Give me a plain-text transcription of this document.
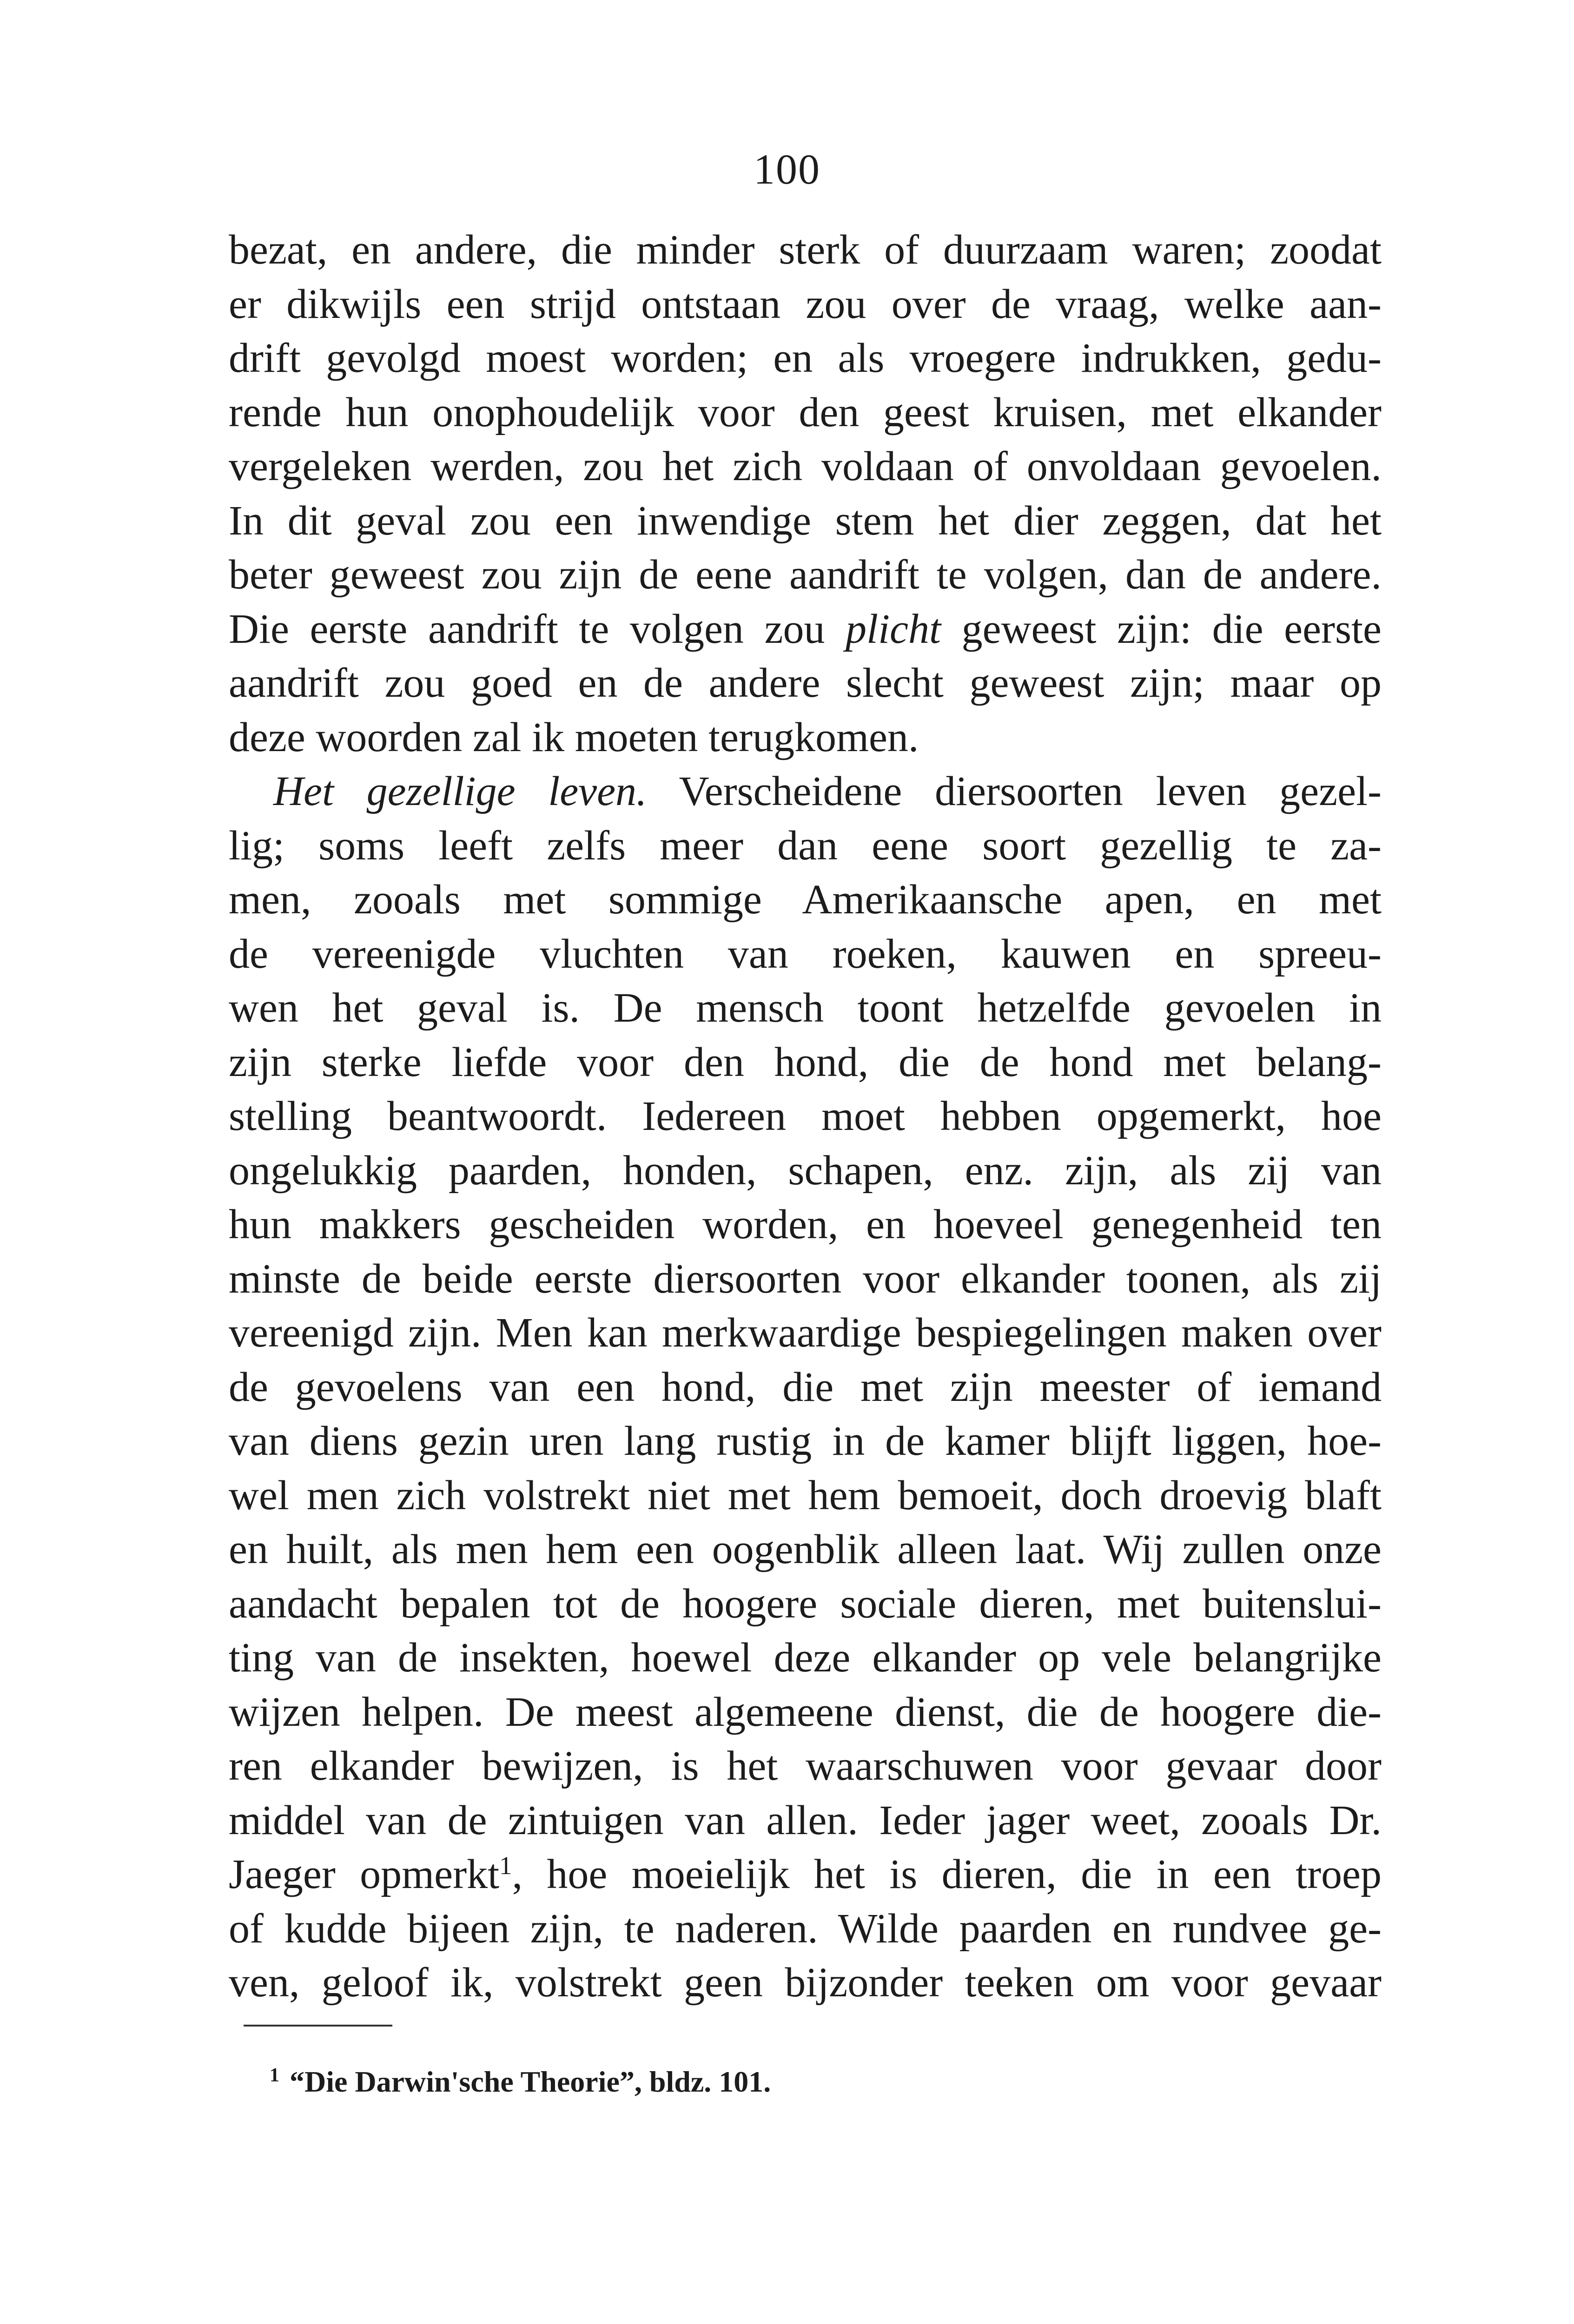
100
bezat, en andere, die minder sterk of duurzaam waren; zoodat
er dikwijls een strijd ontstaan zou over de vraag, welke aan-
drift gevolgd moest worden; en als vroegere indrukken, gedu-
rende hun onophoudelijk voor den geest kruisen, met elkander
vergeleken werden, zou het zich voldaan of onvoldaan gevoelen.
In dit geval zou een inwendige stem het dier zeggen, dat het
beter geweest zou zijn de eene aandrift te volgen, dan de andere.
Die eerste aandrift te volgen zou plicht geweest zijn: die eerste
aandrift zou goed en de andere slecht geweest zijn; maar op
deze woorden zal ik moeten terugkomen.
Het gezellige leven. Verscheidene diersoorten leven gezel-
lig; soms leeft zelfs meer dan eene soort gezellig te za-
men, zooals met sommige Amerikaansche apen, en met
de vereenigde vluchten van roeken, kauwen en spreeu-
wen het geval is. De mensch toont hetzelfde gevoelen in
zijn sterke liefde voor den hond, die de hond met belang-
stelling beantwoordt. Iedereen moet hebben opgemerkt, hoe
ongelukkig paarden, honden, schapen, enz. zijn, als zij van
hun makkers gescheiden worden, en hoeveel genegenheid ten
minste de beide eerste diersoorten voor elkander toonen, als zij
vereenigd zijn. Men kan merkwaardige bespiegelingen maken over
de gevoelens van een hond, die met zijn meester of iemand
van diens gezin uren lang rustig in de kamer blijft liggen, hoe-
wel men zich volstrekt niet met hem bemoeit, doch droevig blaft
en huilt, als men hem een oogenblik alleen laat. Wij zullen onze
aandacht bepalen tot de hoogere sociale dieren, met buitenslui-
ting van de insekten, hoewel deze elkander op vele belangrijke
wijzen helpen. De meest algemeene dienst, die de hoogere die-
ren elkander bewijzen, is het waarschuwen voor gevaar door
middel van de zintuigen van allen. Ieder jager weet, zooals Dr.
Jaeger opmerkt$^1$, hoe moeielijk het is dieren, die in een troep
of kudde bijeen zijn, te naderen. Wilde paarden en rundvee ge-
ven, geloof ik, volstrekt geen bijzonder teeken om voor gevaar
$^1$ “Die Darwin'sche Theorie”, bldz. 101.
